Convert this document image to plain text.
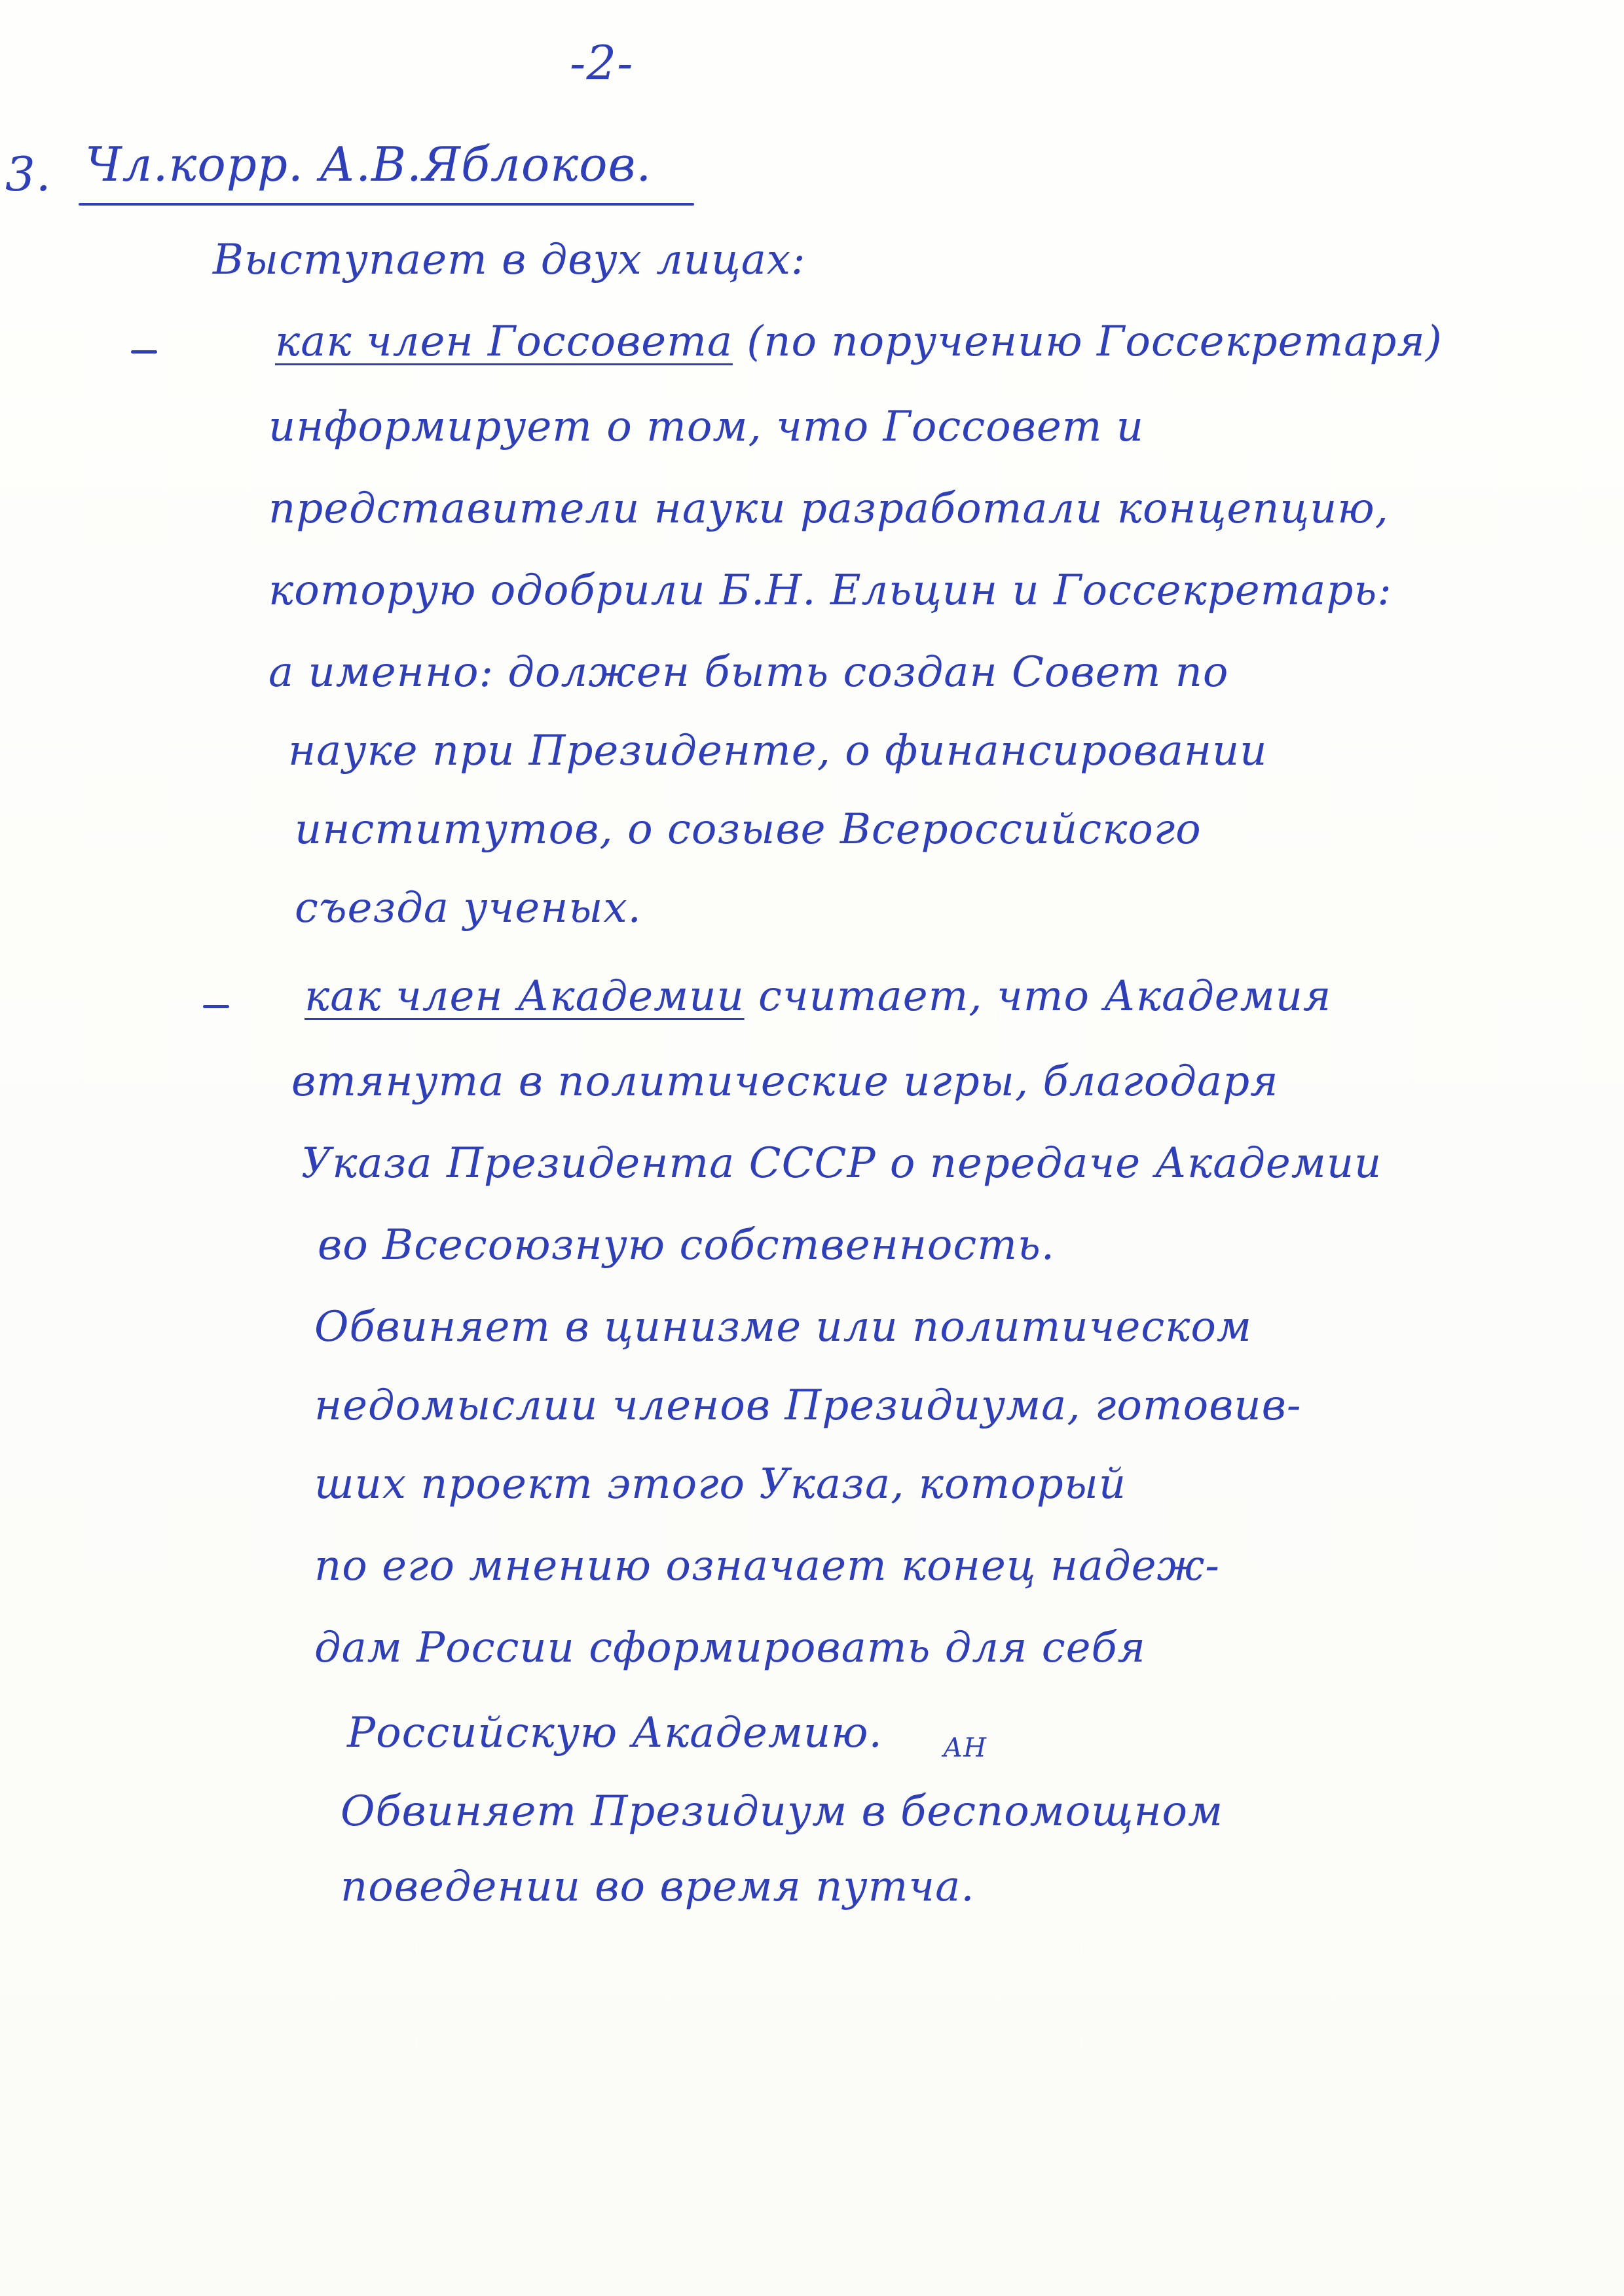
-2-
3. Чл.корр. А.В.Яблоков.
Выступает в двух лицах:
как член Госсовета (по поручению Госсекретаря)
информирует о том, что Госсовет и
представители науки разработали концепцию,
которую одобрили Б.Н. Ельцин и Госсекретарь:
а именно: должен быть создан Совет по
науке при Президенте, о финансировании
институтов, о созыве Всероссийского
съезда ученых.
как член Академии считает, что Академия
втянута в политические игры, благодаря
Указа Президента СССР о передаче Академии
во Всесоюзную собственность.
Обвиняет в цинизме или политическом
недомыслии членов Президиума, готовив-
ших проект этого Указа, который
по его мнению означает конец надеж-
дам России сформировать для себя
Российскую Академию. АН
Обвиняет Президиум в беспомощном
поведении во время путча.
